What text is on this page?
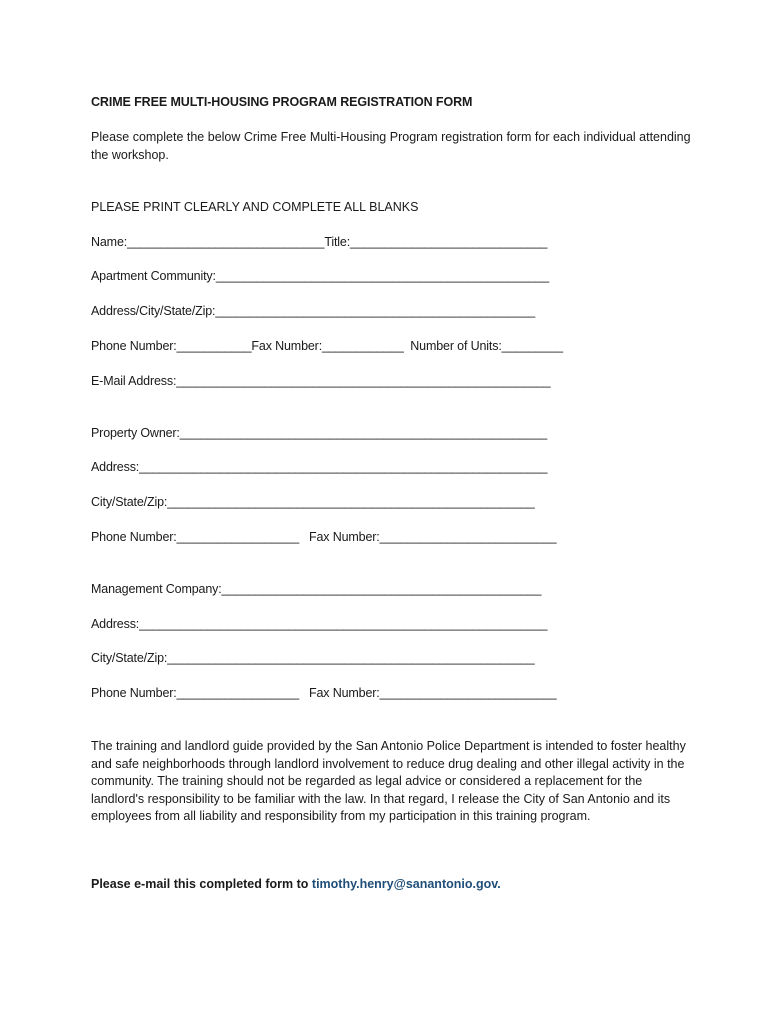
CRIME FREE MULTI-HOUSING PROGRAM REGISTRATION FORM
Please complete the below Crime Free Multi-Housing Program registration form for each individual attending the workshop.
PLEASE PRINT CLEARLY AND COMPLETE ALL BLANKS
Name:_____________________________Title:_____________________________
Apartment Community:_________________________________________________
Address/City/State/Zip:_______________________________________________
Phone Number:___________Fax Number:____________  Number of Units:_________
E-Mail Address:_______________________________________________________
Property Owner:______________________________________________________
Address:____________________________________________________________
City/State/Zip:______________________________________________________
Phone Number:__________________   Fax Number:__________________________
Management Company:_______________________________________________
Address:____________________________________________________________
City/State/Zip:______________________________________________________
Phone Number:__________________   Fax Number:__________________________
The training and landlord guide provided by the San Antonio Police Department is intended to foster healthy and safe neighborhoods through landlord involvement to reduce drug dealing and other illegal activity in the community. The training should not be regarded as legal advice or considered a replacement for the landlord's responsibility to be familiar with the law. In that regard, I release the City of San Antonio and its employees from all liability and responsibility from my participation in this training program.
Please e-mail this completed form to timothy.henry@sanantonio.gov.
